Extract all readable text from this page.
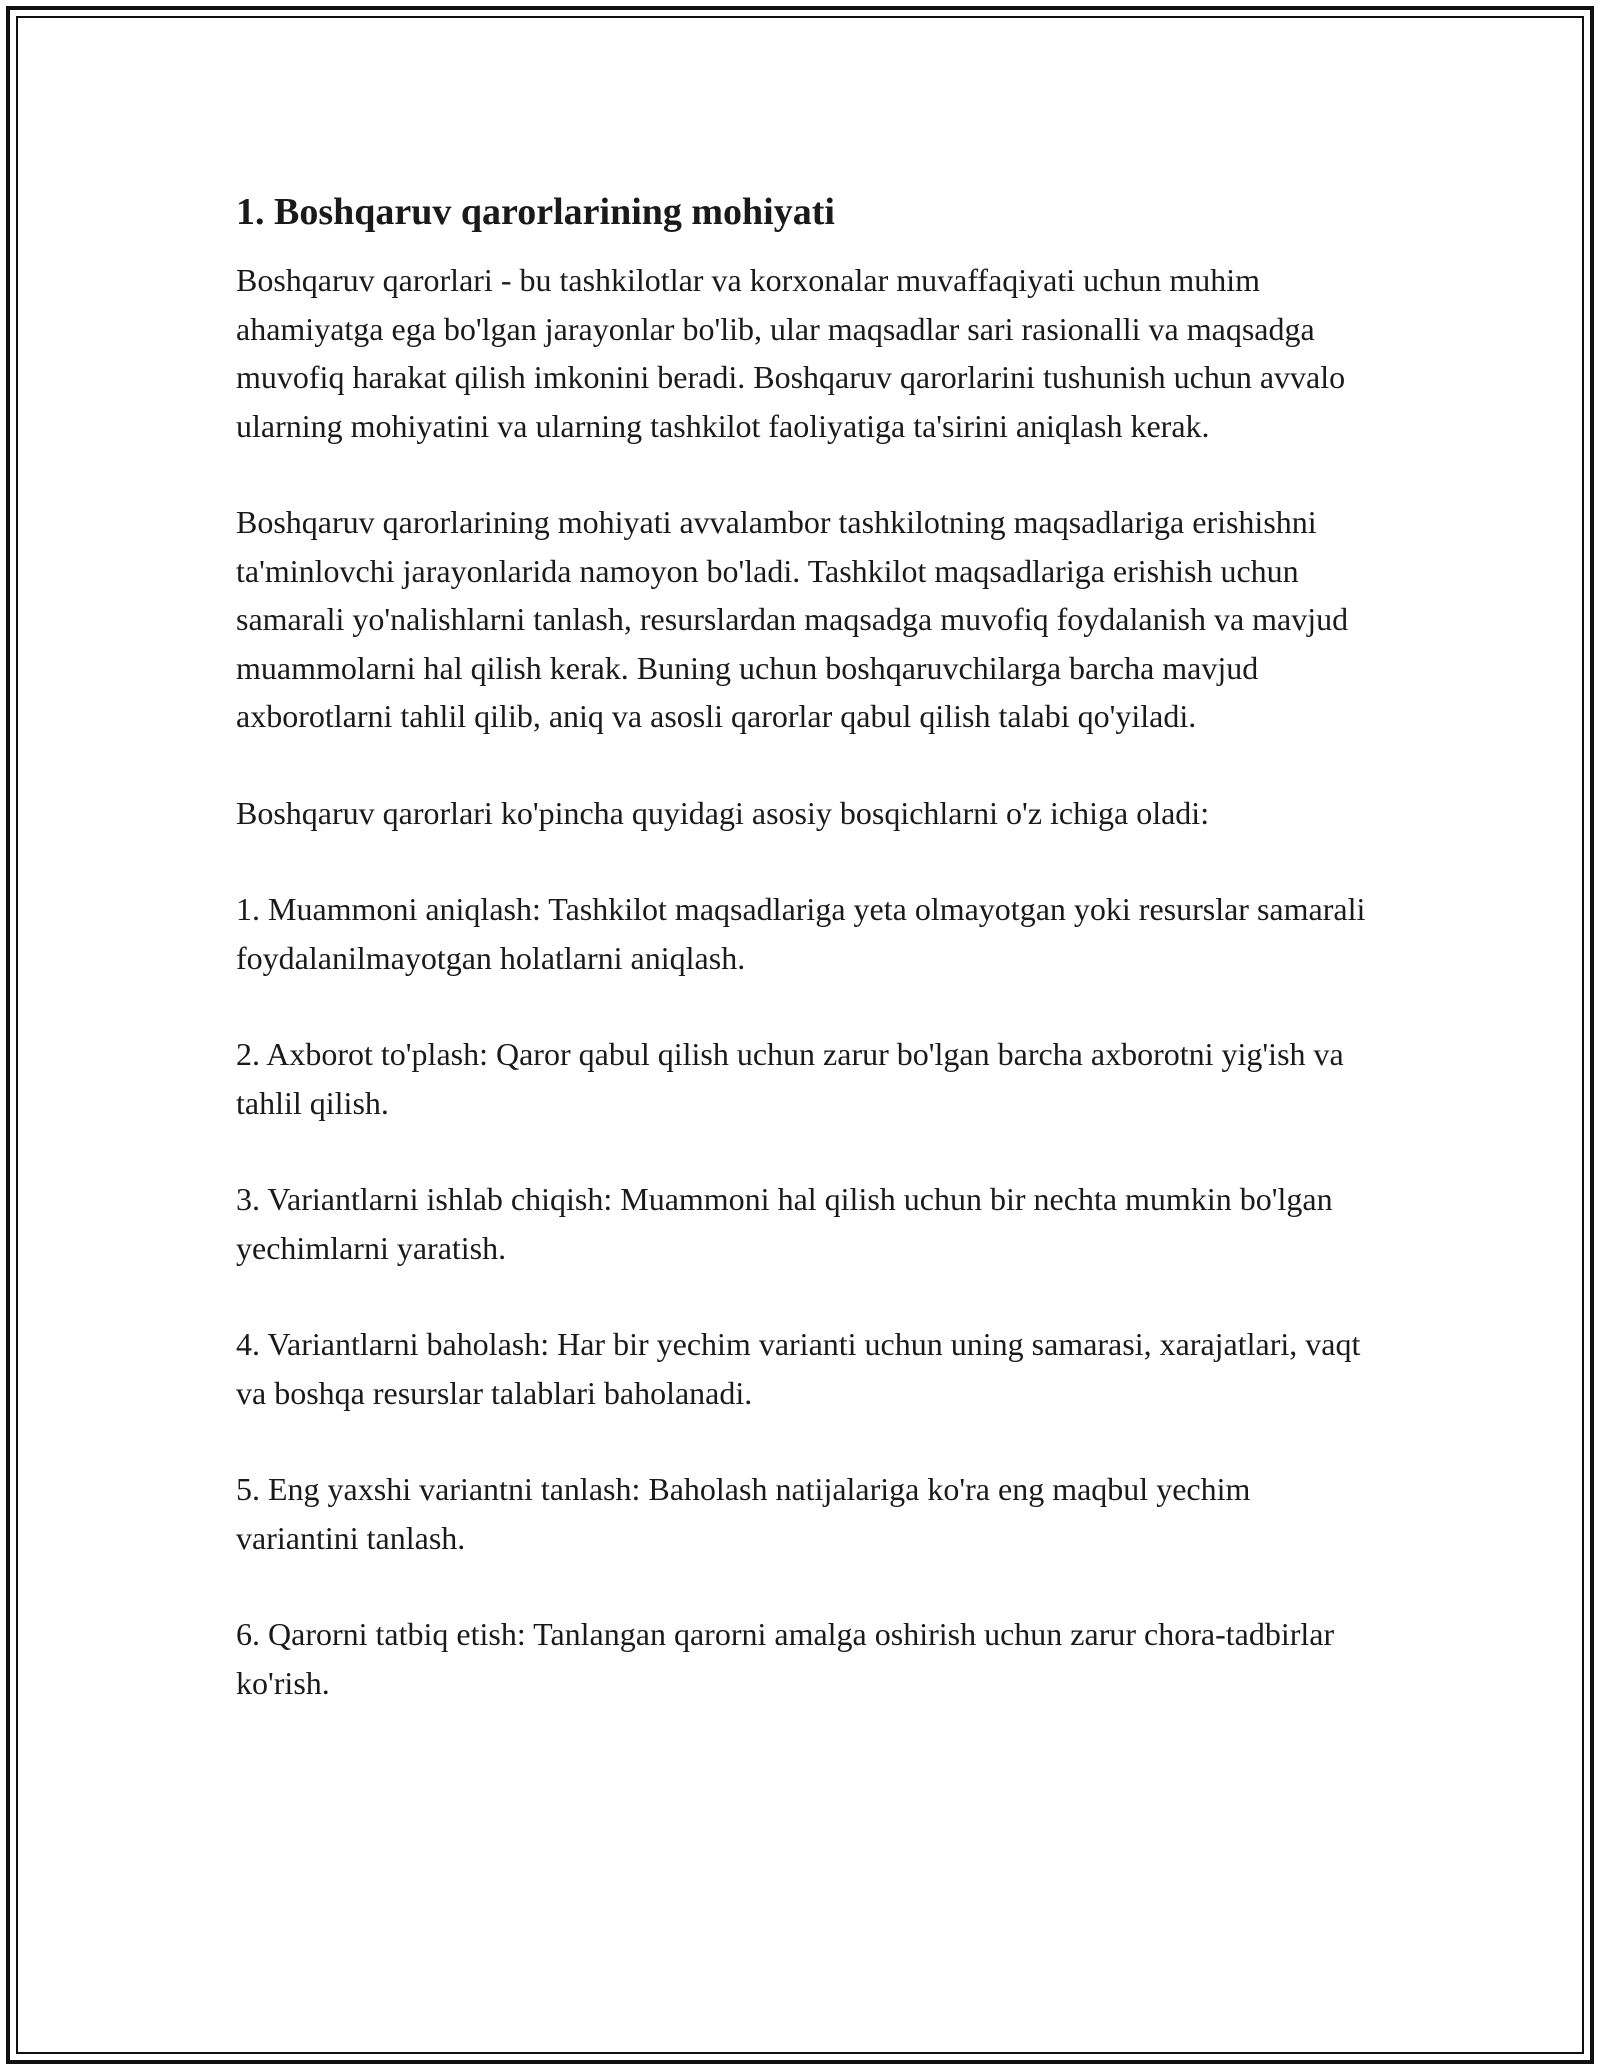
1. Boshqaruv qarorlarining mohiyati

Boshqaruv qarorlari - bu tashkilotlar va korxonalar muvaffaqiyati uchun muhim ahamiyatga ega bo'lgan jarayonlar bo'lib, ular maqsadlar sari rasionalli va maqsadga muvofiq harakat qilish imkonini beradi. Boshqaruv qarorlarini tushunish uchun avvalo ularning mohiyatini va ularning tashkilot faoliyatiga ta'sirini aniqlash kerak.

Boshqaruv qarorlarining mohiyati avvalambor tashkilotning maqsadlariga erishishni ta'minlovchi jarayonlarida namoyon bo'ladi. Tashkilot maqsadlariga erishish uchun samarali yo'nalishlarni tanlash, resurslardan maqsadga muvofiq foydalanish va mavjud muammolarni hal qilish kerak. Buning uchun boshqaruvchilarga barcha mavjud axborotlarni tahlil qilib, aniq va asosli qarorlar qabul qilish talabi qo'yiladi.

Boshqaruv qarorlari ko'pincha quyidagi asosiy bosqichlarni o'z ichiga oladi:

1. Muammoni aniqlash: Tashkilot maqsadlariga yeta olmayotgan yoki resurslar samarali foydalanilmayotgan holatlarni aniqlash.

2. Axborot to'plash: Qaror qabul qilish uchun zarur bo'lgan barcha axborotni yig'ish va tahlil qilish.

3. Variantlarni ishlab chiqish: Muammoni hal qilish uchun bir nechta mumkin bo'lgan yechimlarni yaratish.

4. Variantlarni baholash: Har bir yechim varianti uchun uning samarasi, xarajatlari, vaqt va boshqa resurslar talablari baholanadi.

5. Eng yaxshi variantni tanlash: Baholash natijalariga ko'ra eng maqbul yechim variantini tanlash.

6. Qarorni tatbiq etish: Tanlangan qarorni amalga oshirish uchun zarur chora-tadbirlar ko'rish.
